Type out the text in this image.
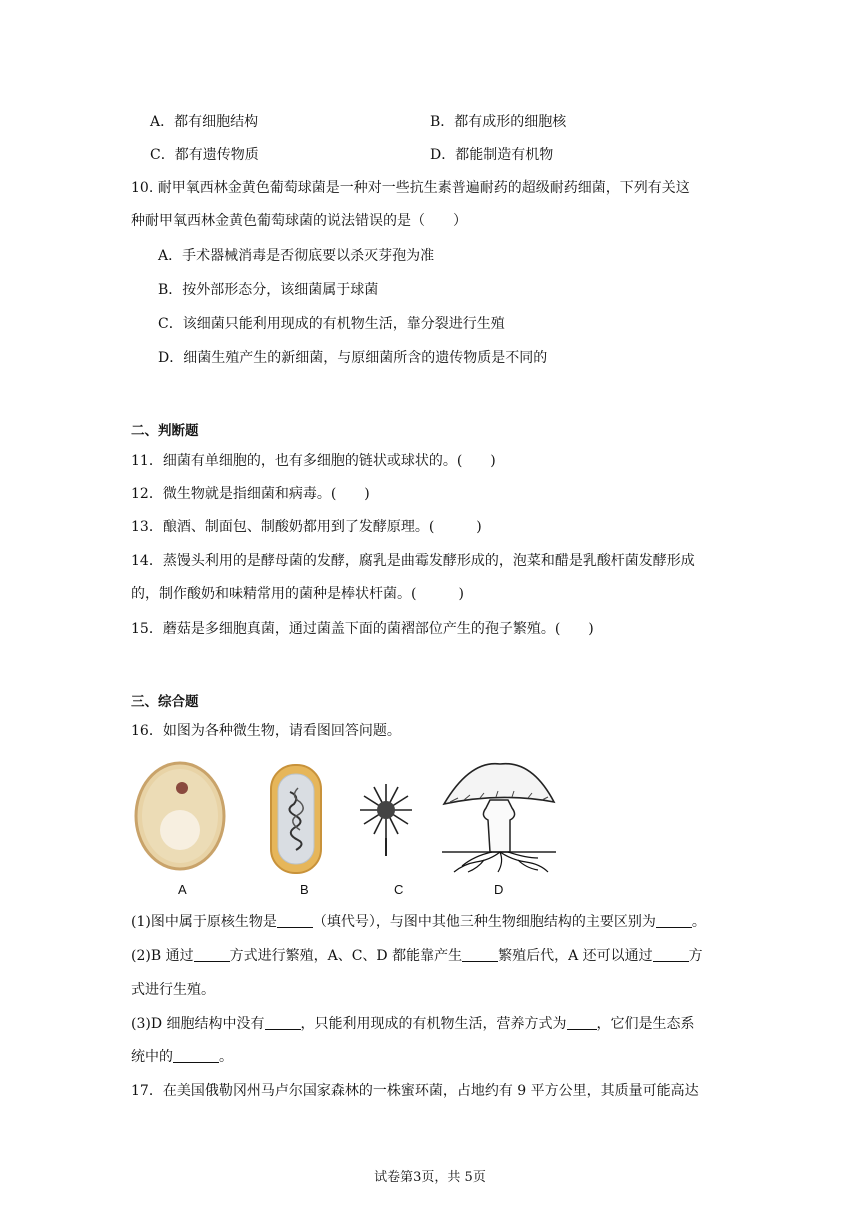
A．都有细胞结构	B．都有成形的细胞核
C．都有遗传物质	D．都能制造有机物
10. 耐甲氧西林金黄色葡萄球菌是一种对一些抗生素普遍耐药的超级耐药细菌，下列有关这
种耐甲氧西林金黄色葡萄球菌的说法错误的是（　　）
A．手术器械消毒是否彻底要以杀灭芽孢为准
B．按外部形态分，该细菌属于球菌
C．该细菌只能利用现成的有机物生活，靠分裂进行生殖
D．细菌生殖产生的新细菌，与原细菌所含的遗传物质是不同的
二、判断题
11．细菌有单细胞的，也有多细胞的链状或球状的。(　　)
12．微生物就是指细菌和病毒。(　　)
13．酿酒、制面包、制酸奶都用到了发酵原理。(　　　)
14．蒸馒头利用的是酵母菌的发酵，腐乳是曲霉发酵形成的，泡菜和醋是乳酸杆菌发酵形成
的，制作酸奶和味精常用的菌种是棒状杆菌。(　　　)
15．蘑菇是多细胞真菌，通过菌盖下面的菌褶部位产生的孢子繁殖。(　　)
三、综合题
16．如图为各种微生物，请看图回答问题。
A	B	C	D
(1)图中属于原核生物是	（填代号），与图中其他三种生物细胞结构的主要区别为	。
(2)B 通过	方式进行繁殖，A、C、D 都能靠产生	繁殖后代，A 还可以通过	方
式进行生殖。
(3)D 细胞结构中没有	，只能利用现成的有机物生活，营养方式为 ，它们是生态系
统中的	。
17．在美国俄勒冈州马卢尔国家森林的一株蜜环菌，占地约有 9 平方公里，其质量可能高达
试卷第3页，共 5页
